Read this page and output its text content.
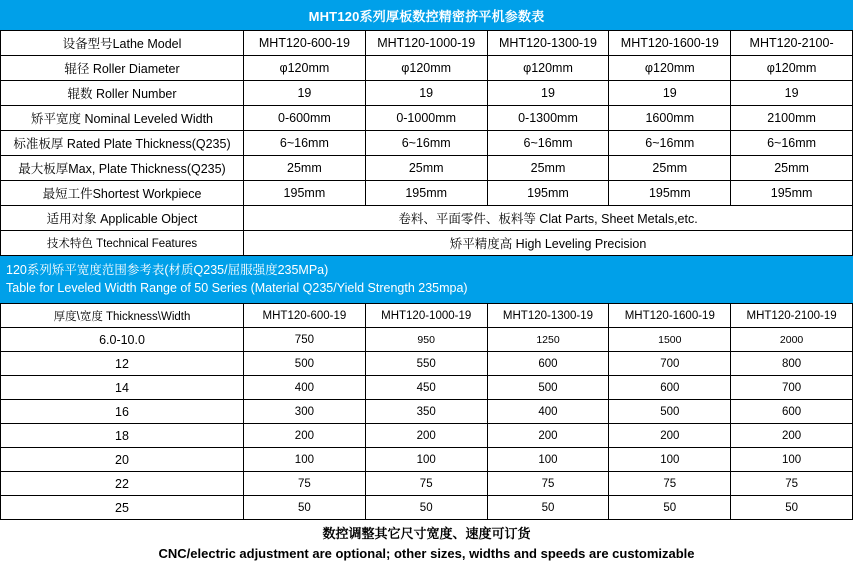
MHT120系列厚板数控精密挤平机参数表
设备型号Lathe Model	MHT120-600-19	MHT120-1000-19	MHT120-1300-19	MHT120-1600-19	MHT120-2100-
辊径 Roller Diameter	φ120mm	φ120mm	φ120mm	φ120mm	φ120mm
辊数 Roller Number	19	19	19	19	19
矫平宽度 Nominal Leveled Width	0-600mm	0-1000mm	0-1300mm	1600mm	2100mm
标准板厚 Rated Plate Thickness(Q235)	6~16mm	6~16mm	6~16mm	6~16mm	6~16mm
最大板厚Max, Plate Thickness(Q235)	25mm	25mm	25mm	25mm	25mm
最短工件Shortest Workpiece	195mm	195mm	195mm	195mm	195mm
适用对象 Applicable Object	卷料、平面零件、板料等 Clat Parts, Sheet Metals,etc.				
技术特色 Ttechnical Features	矫平精度高 High Leveling Precision				
120系列矫平宽度范围参考表(材质Q235/屈服强度235MPa)
Table for Leveled Width Range of 50 Series (Material Q235/Yield Strength 235mpa)
厚度\宽度 Thickness\Width	MHT120-600-19	MHT120-1000-19	MHT120-1300-19	MHT120-1600-19	MHT120-2100-19
6.0-10.0	750	950	1250	1500	2000
12	500	550	600	700	800
14	400	450	500	600	700
16	300	350	400	500	600
18	200	200	200	200	200
20	100	100	100	100	100
22	75	75	75	75	75
25	50	50	50	50	50
数控调整其它尺寸宽度、速度可订货
CNC/electric adjustment are optional; other sizes, widths and speeds are customizable
